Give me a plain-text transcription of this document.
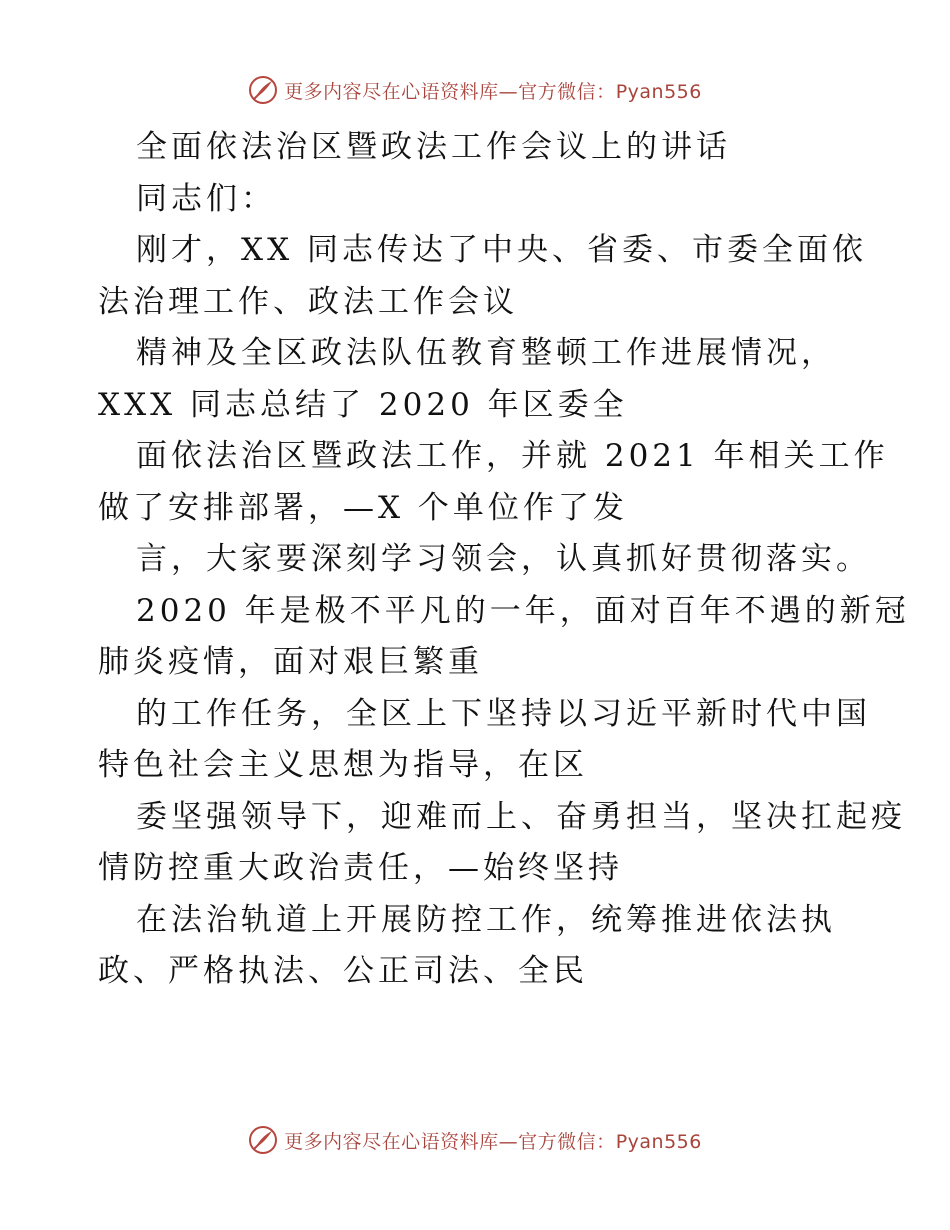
更多内容尽在心语资料库—官方微信：Pyan556
全面依法治区暨政法工作会议上的讲话
同志们：
刚才，XX 同志传达了中央、省委、市委全面依
法治理工作、政法工作会议
精神及全区政法队伍教育整顿工作进展情况，
XXX 同志总结了 2020 年区委全
面依法治区暨政法工作，并就 2021 年相关工作
做了安排部署，—X 个单位作了发
言，大家要深刻学习领会，认真抓好贯彻落实。
2020 年是极不平凡的一年，面对百年不遇的新冠
肺炎疫情，面对艰巨繁重
的工作任务，全区上下坚持以习近平新时代中国
特色社会主义思想为指导，在区
委坚强领导下，迎难而上、奋勇担当，坚决扛起疫
情防控重大政治责任，—始终坚持
在法治轨道上开展防控工作，统筹推进依法执
政、严格执法、公正司法、全民
更多内容尽在心语资料库—官方微信：Pyan556
